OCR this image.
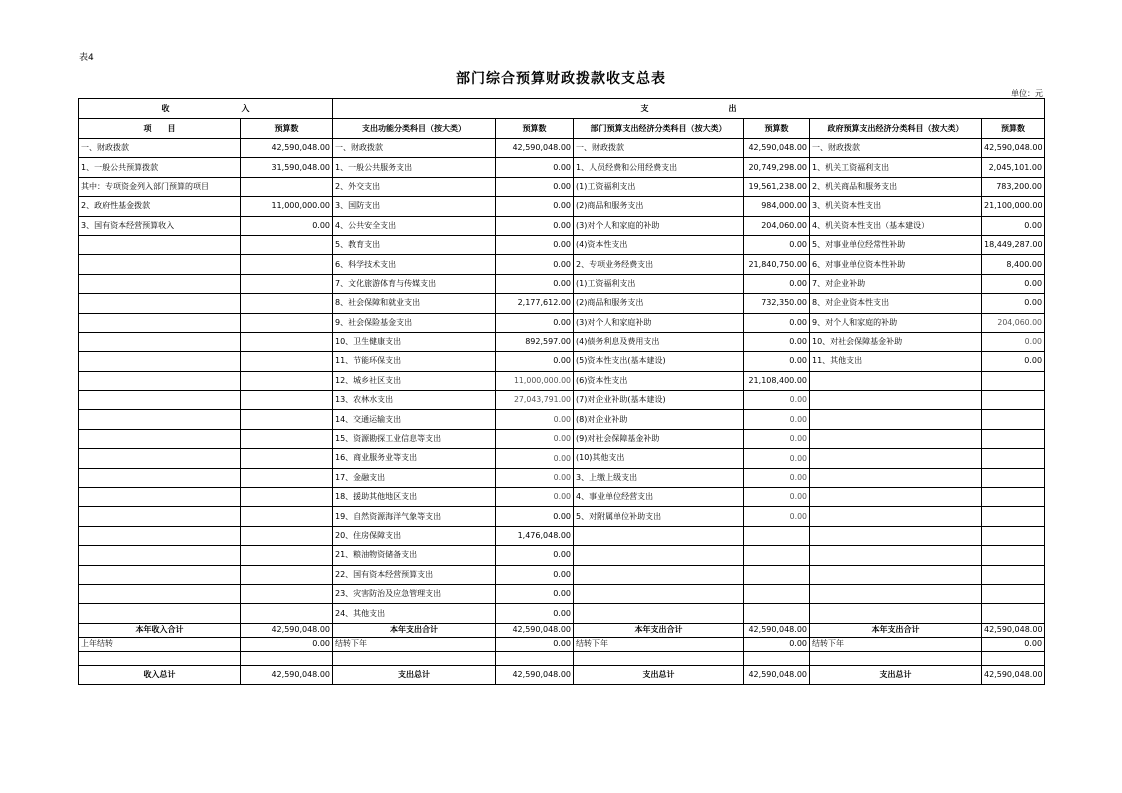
表4
部门综合预算财政拨款收支总表
单位：元
收　　　　　　　　　入		支　　　　　　　　　　出					
项　　目	预算数	支出功能分类科目（按大类）	预算数	部门预算支出经济分类科目（按大类）	预算数	政府预算支出经济分类科目（按大类）	预算数
一、财政拨款	42,590,048.00	一、财政拨款	42,590,048.00	一、财政拨款	42,590,048.00	一、财政拨款	42,590,048.00
1、一般公共预算拨款	31,590,048.00	1、一般公共服务支出	0.00	1、人员经费和公用经费支出	20,749,298.00	1、机关工资福利支出	2,045,101.00
其中：专项资金列入部门预算的项目		2、外交支出	0.00	(1)工资福利支出	19,561,238.00	2、机关商品和服务支出	783,200.00
2、政府性基金拨款	11,000,000.00	3、国防支出	0.00	(2)商品和服务支出	984,000.00	3、机关资本性支出	21,100,000.00
3、国有资本经营预算收入	0.00	4、公共安全支出	0.00	(3)对个人和家庭的补助	204,060.00	4、机关资本性支出（基本建设）	0.00
		5、教育支出	0.00	(4)资本性支出	0.00	5、对事业单位经常性补助	18,449,287.00
		6、科学技术支出	0.00	2、专项业务经费支出	21,840,750.00	6、对事业单位资本性补助	8,400.00
		7、文化旅游体育与传媒支出	0.00	(1)工资福利支出	0.00	7、对企业补助	0.00
		8、社会保障和就业支出	2,177,612.00	(2)商品和服务支出	732,350.00	8、对企业资本性支出	0.00
		9、社会保险基金支出	0.00	(3)对个人和家庭补助	0.00	9、对个人和家庭的补助	204,060.00
		10、卫生健康支出	892,597.00	(4)债务利息及费用支出	0.00	10、对社会保障基金补助	0.00
		11、节能环保支出	0.00	(5)资本性支出(基本建设)	0.00	11、其他支出	0.00
		12、城乡社区支出	11,000,000.00	(6)资本性支出	21,108,400.00		
		13、农林水支出	27,043,791.00	(7)对企业补助(基本建设)	0.00		
		14、交通运输支出	0.00	(8)对企业补助	0.00		
		15、资源勘探工业信息等支出	0.00	(9)对社会保障基金补助	0.00		
		16、商业服务业等支出	0.00	(10)其他支出	0.00		
		17、金融支出	0.00	3、上缴上级支出	0.00		
		18、援助其他地区支出	0.00	4、事业单位经营支出	0.00		
		19、自然资源海洋气象等支出	0.00	5、对附属单位补助支出	0.00		
		20、住房保障支出	1,476,048.00				
		21、粮油物资储备支出	0.00				
		22、国有资本经营预算支出	0.00				
		23、灾害防治及应急管理支出	0.00				
		24、其他支出	0.00				
本年收入合计	42,590,048.00	本年支出合计	42,590,048.00	本年支出合计	42,590,048.00	本年支出合计	42,590,048.00
上年结转	0.00	结转下年	0.00	结转下年	0.00	结转下年	0.00

收入总计	42,590,048.00	支出总计	42,590,048.00	支出总计	42,590,048.00	支出总计	42,590,048.00
